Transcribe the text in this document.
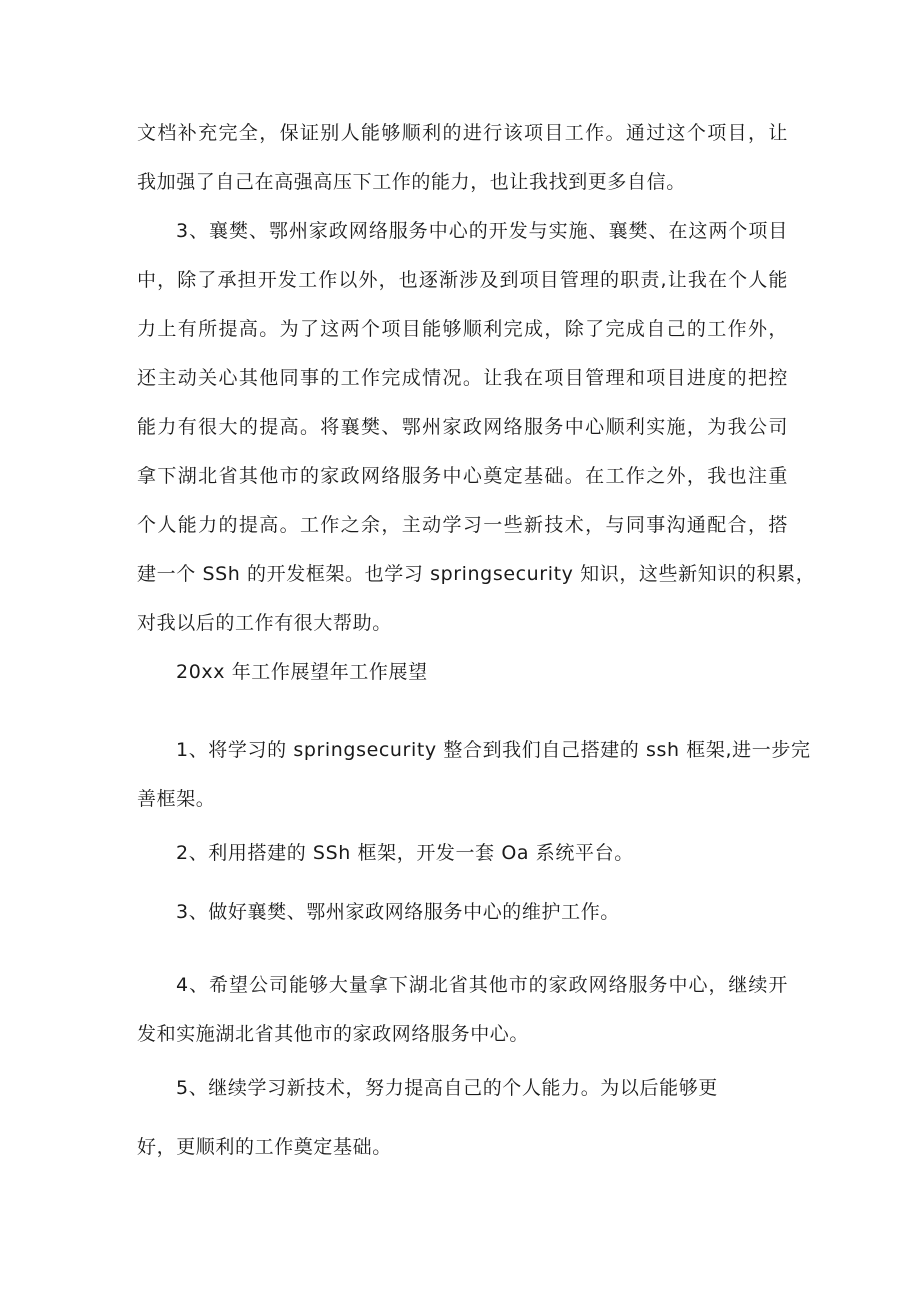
文档补充完全，保证别人能够顺利的进行该项目工作。通过这个项目，让
我加强了自己在高强高压下工作的能力，也让我找到更多自信。
3、襄樊、鄂州家政网络服务中心的开发与实施、襄樊、在这两个项目
中，除了承担开发工作以外，也逐渐涉及到项目管理的职责,让我在个人能
力上有所提高。为了这两个项目能够顺利完成，除了完成自己的工作外，
还主动关心其他同事的工作完成情况。让我在项目管理和项目进度的把控
能力有很大的提高。将襄樊、鄂州家政网络服务中心顺利实施，为我公司
拿下湖北省其他市的家政网络服务中心奠定基础。在工作之外，我也注重
个人能力的提高。工作之余，主动学习一些新技术，与同事沟通配合，搭
建一个 SSh 的开发框架。也学习 springsecurity 知识，这些新知识的积累，
对我以后的工作有很大帮助。
20xx 年工作展望年工作展望
1、将学习的 springsecurity 整合到我们自己搭建的 ssh 框架,进一步完
善框架。
2、利用搭建的 SSh 框架，开发一套 Oa 系统平台。
3、做好襄樊、鄂州家政网络服务中心的维护工作。
4、希望公司能够大量拿下湖北省其他市的家政网络服务中心，继续开
发和实施湖北省其他市的家政网络服务中心。
5、继续学习新技术，努力提高自己的个人能力。为以后能够更
好，更顺利的工作奠定基础。
